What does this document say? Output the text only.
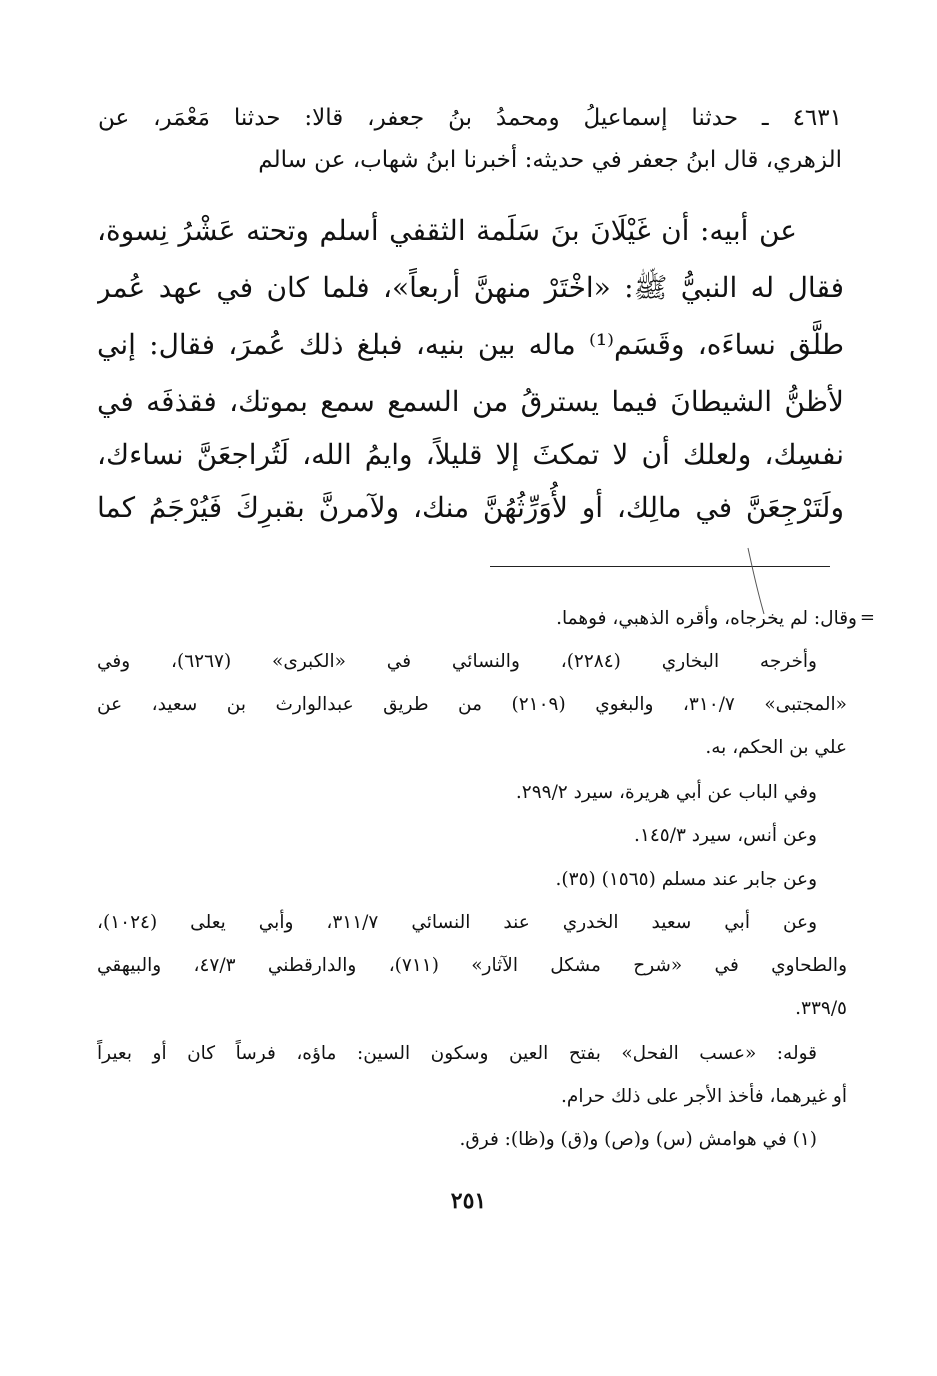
٤٦٣١ ـ حدثنا إسماعيلُ ومحمدُ بنُ جعفر، قالا: حدثنا مَعْمَر، عن

الزهري، قال ابنُ جعفر في حديثه: أخبرنا ابنُ شهاب، عن سالم

عن أبيه: أن غَيْلَانَ بنَ سَلَمة الثقفي أسلم وتحته عَشْرُ نِسوة،

فقال له النبيُّ ﷺ: «اخْتَرْ منهنَّ أربعاً»، فلما كان في عهد عُمر

طلَّق نساءَه، وقَسَم⁽¹⁾ ماله بين بنيه، فبلغ ذلك عُمرَ، فقال: إني

لأظنُّ الشيطانَ فيما يسترقُ من السمع سمع بموتك، فقذفَه في

نفسِك، ولعلك أن لا تمكثَ إلا قليلاً، وايمُ الله، لَتُراجعَنَّ نساءك،

ولَتَرْجِعَنَّ في مالِك، أو لأُوَرِّثُهُنَّ منك، ولآمرنَّ بقبرِكَ فَيُرْجَمُ كما

=

وقال: لم يخرجاه، وأقره الذهبي، فوهما.

وأخرجه البخاري (٢٢٨٤)، والنسائي في «الكبرى» (٦٢٦٧)، وفي

«المجتبى» ٣١٠/٧، والبغوي (٢١٠٩) من طريق عبدالوارث بن سعيد، عن

علي بن الحكم، به.

وفي الباب عن أبي هريرة، سيرد ٢٩٩/٢.

وعن أنس، سيرد ١٤٥/٣.

وعن جابر عند مسلم (١٥٦٥) (٣٥).

وعن أبي سعيد الخدري عند النسائي ٣١١/٧، وأبي يعلى (١٠٢٤)،

والطحاوي في «شرح مشكل الآثار» (٧١١)، والدارقطني ٤٧/٣، والبيهقي

٣٣٩/٥.

قوله: «عسب الفحل» بفتح العين وسكون السين: ماؤه، فرساً كان أو بعيراً

أو غيرهما، فأخذ الأجر على ذلك حرام.

(١) في هوامش (س) و(ص) و(ق) و(ظا): فرق.

٢٥١
